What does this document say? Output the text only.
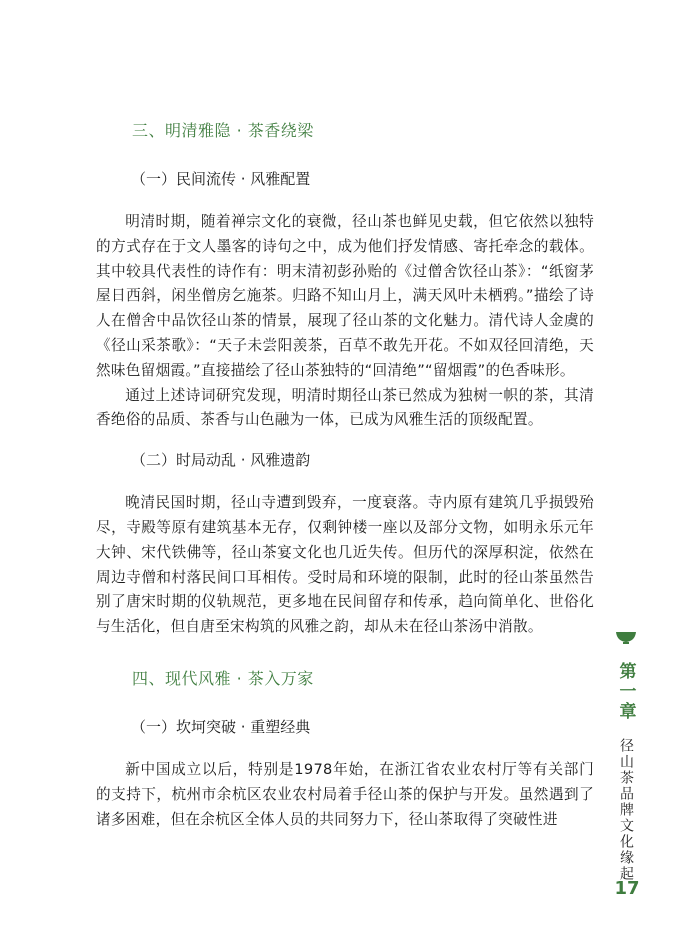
三、明清雅隐 · 茶香绕梁
（一）民间流传 · 风雅配置

明清时期，随着禅宗文化的衰微，径山茶也鲜见史载，但它依然以独特的方式存在于文人墨客的诗句之中，成为他们抒发情感、寄托牵念的载体。其中较具代表性的诗作有：明末清初彭孙贻的《过僧舍饮径山茶》：“纸窗茅屋日西斜，闲坐僧房乞施茶。归路不知山月上，满天风叶未栖鸦。”描绘了诗人在僧舍中品饮径山茶的情景，展现了径山茶的文化魅力。清代诗人金虞的《径山采茶歌》：“天子未尝阳羡茶，百草不敢先开花。不如双径回清绝，天然味色留烟霞。”直接描绘了径山茶独特的“回清绝”“留烟霞”的色香味形。

通过上述诗词研究发现，明清时期径山茶已然成为独树一帜的茶，其清香绝俗的品质、茶香与山色融为一体，已成为风雅生活的顶级配置。

（二）时局动乱 · 风雅遗韵

晚清民国时期，径山寺遭到毁弃，一度衰落。寺内原有建筑几乎损毁殆尽，寺殿等原有建筑基本无存，仅剩钟楼一座以及部分文物，如明永乐元年大钟、宋代铁佛等，径山茶宴文化也几近失传。但历代的深厚积淀，依然在周边寺僧和村落民间口耳相传。受时局和环境的限制，此时的径山茶虽然告别了唐宋时期的仪轨规范，更多地在民间留存和传承，趋向简单化、世俗化与生活化，但自唐至宋构筑的风雅之韵，却从未在径山茶汤中消散。

四、现代风雅 · 茶入万家
（一）坎坷突破 · 重塑经典

新中国成立以后，特别是1978年始，在浙江省农业农村厅等有关部门的支持下，杭州市余杭区农业农村局着手径山茶的保护与开发。虽然遇到了诸多困难，但在余杭区全体人员的共同努力下，径山茶取得了突破性进

第一章
径山茶品牌文化缘起
17
